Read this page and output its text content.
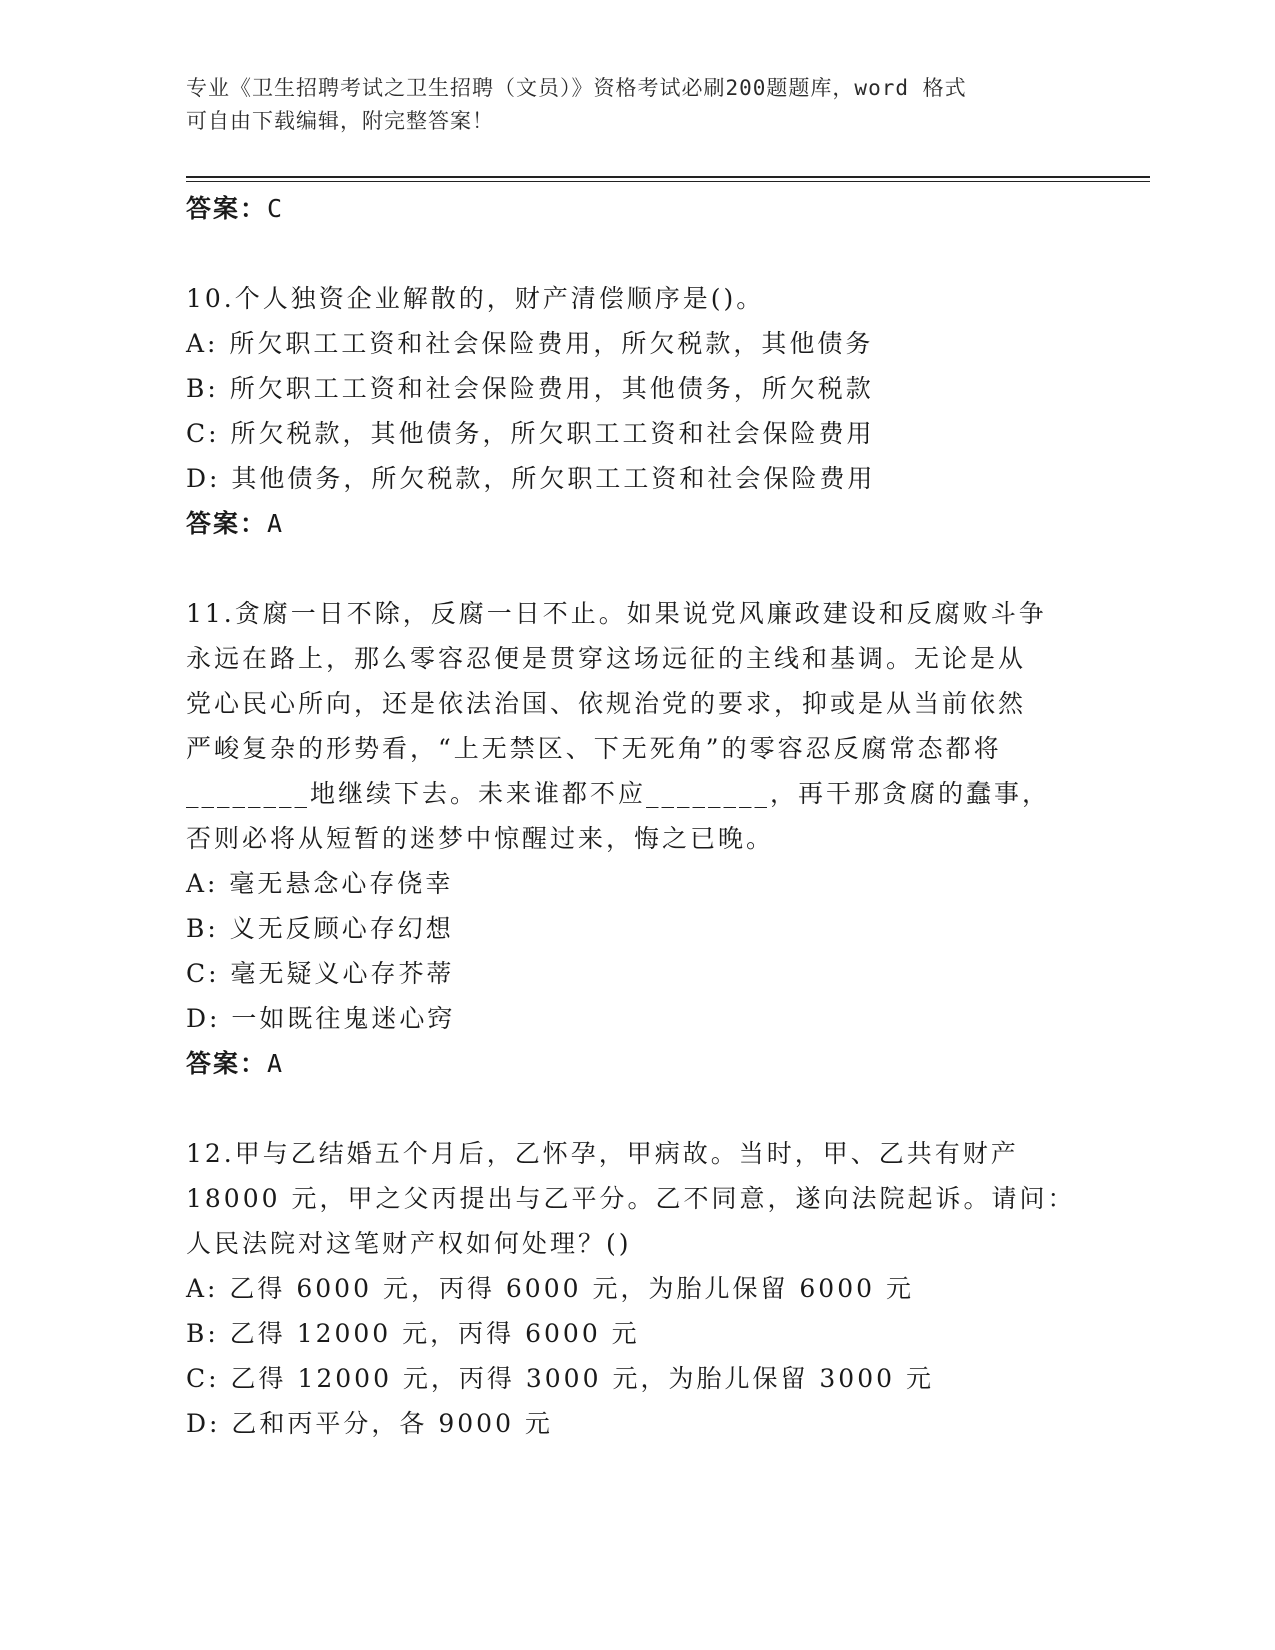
专业《卫生招聘考试之卫生招聘（文员）》资格考试必刷200题题库，word 格式
可自由下载编辑，附完整答案！
答案：C
10.个人独资企业解散的，财产清偿顺序是()。
A: 所欠职工工资和社会保险费用，所欠税款，其他债务
B: 所欠职工工资和社会保险费用，其他债务，所欠税款
C: 所欠税款，其他债务，所欠职工工资和社会保险费用
D: 其他债务，所欠税款，所欠职工工资和社会保险费用
答案：A
11.贪腐一日不除，反腐一日不止。如果说党风廉政建设和反腐败斗争
永远在路上，那么零容忍便是贯穿这场远征的主线和基调。无论是从
党心民心所向，还是依法治国、依规治党的要求，抑或是从当前依然
严峻复杂的形势看，“上无禁区、下无死角”的零容忍反腐常态都将
________地继续下去。未来谁都不应________，再干那贪腐的蠢事，
否则必将从短暂的迷梦中惊醒过来，悔之已晚。
A: 毫无悬念心存侥幸
B: 义无反顾心存幻想
C: 毫无疑义心存芥蒂
D: 一如既往鬼迷心窍
答案：A
12.甲与乙结婚五个月后，乙怀孕，甲病故。当时，甲、乙共有财产
18000 元，甲之父丙提出与乙平分。乙不同意，遂向法院起诉。请问：
人民法院对这笔财产权如何处理？()
A: 乙得 6000 元，丙得 6000 元，为胎儿保留 6000 元
B: 乙得 12000 元，丙得 6000 元
C: 乙得 12000 元，丙得 3000 元，为胎儿保留 3000 元
D: 乙和丙平分，各 9000 元
